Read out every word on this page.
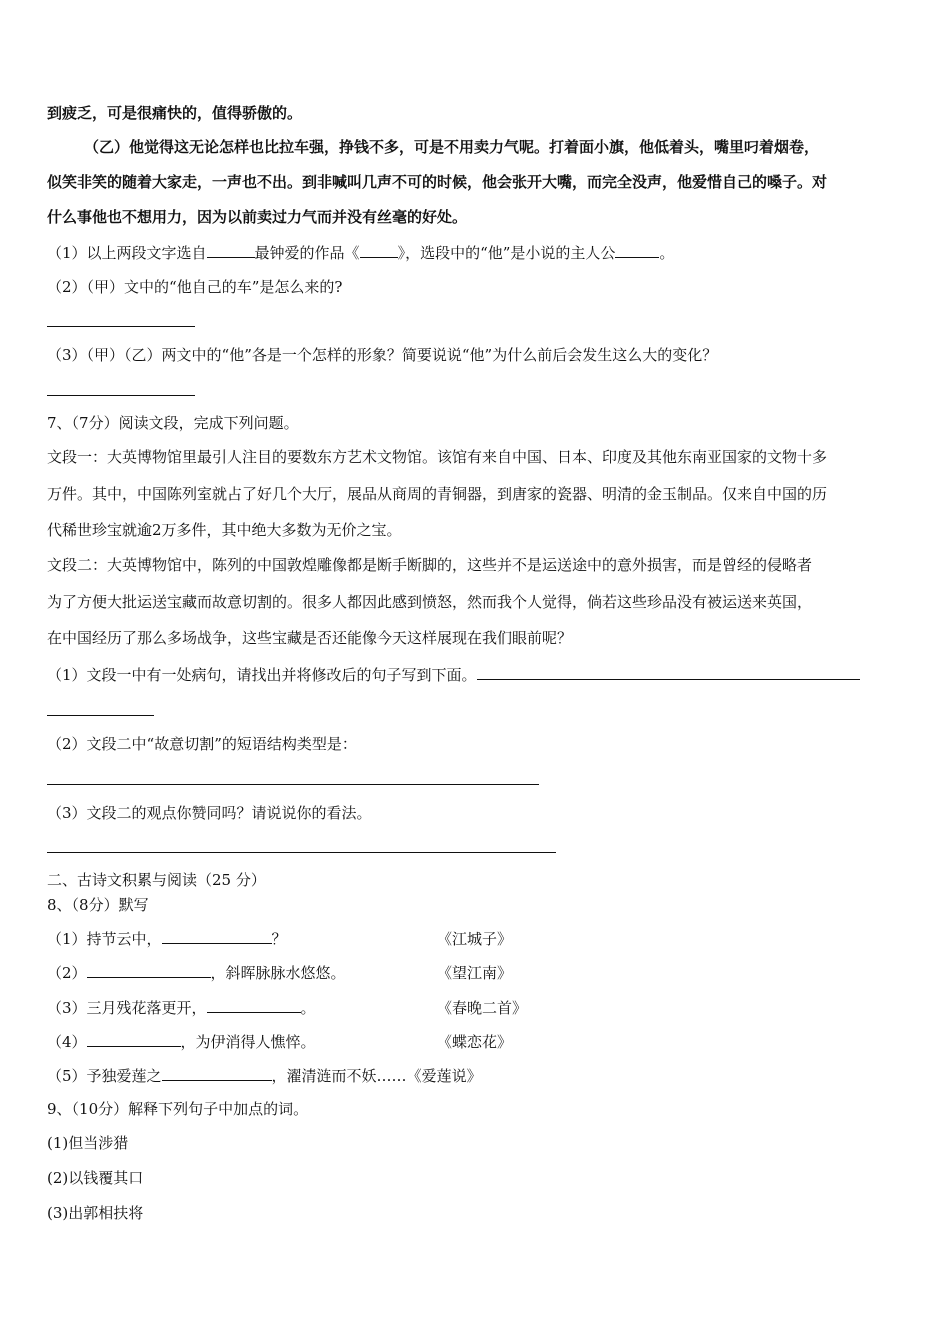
到疲乏，可是很痛快的，值得骄傲的。
（乙）他觉得这无论怎样也比拉车强，挣钱不多，可是不用卖力气呢。打着面小旗，他低着头，嘴里叼着烟卷，
似笑非笑的随着大家走，一声也不出。到非喊叫几声不可的时候，他会张开大嘴，而完全没声，他爱惜自己的嗓子。对
什么事他也不想用力，因为以前卖过力气而并没有丝毫的好处。
（1）以上两段文字选自	最钟爱的作品《	》，选段中的“他”是小说的主人公	。
（2）（甲）文中的“他自己的车”是怎么来的?
（3）（甲）（乙）两文中的“他”各是一个怎样的形象？简要说说“他”为什么前后会发生这么大的变化？
7、（7分）阅读文段，完成下列问题。
文段一：大英博物馆里最引人注目的要数东方艺术文物馆。该馆有来自中国、日本、印度及其他东南亚国家的文物十多
万件。其中，中国陈列室就占了好几个大厅，展品从商周的青铜器，到唐家的瓷器、明清的金玉制品。仅来自中国的历
代稀世珍宝就逾2万多件，其中绝大多数为无价之宝。
文段二：大英博物馆中，陈列的中国敦煌雕像都是断手断脚的，这些并不是运送途中的意外损害，而是曾经的侵略者
为了方便大批运送宝藏而故意切割的。很多人都因此感到愤怒，然而我个人觉得，倘若这些珍品没有被运送来英国，
在中国经历了那么多场战争，这些宝藏是否还能像今天这样展现在我们眼前呢？
（1）文段一中有一处病句，请找出并将修改后的句子写到下面。
（2）文段二中“故意切割”的短语结构类型是：
（3）文段二的观点你赞同吗？请说说你的看法。
二、古诗文积累与阅读（25 分）
8、（8分）默写
（1）持节云中，	？	《江城子》
（2）	，斜晖脉脉水悠悠。	《望江南》
（3）三月残花落更开，	。	《春晚二首》
（4）	，为伊消得人憔悴。	《蝶恋花》
（5）予独爱莲之	，濯清涟而不妖……《爱莲说》
9、（10分）解释下列句子中加点的词。
(1)但当涉猎
(2)以钱覆其口
(3)出郭相扶将
